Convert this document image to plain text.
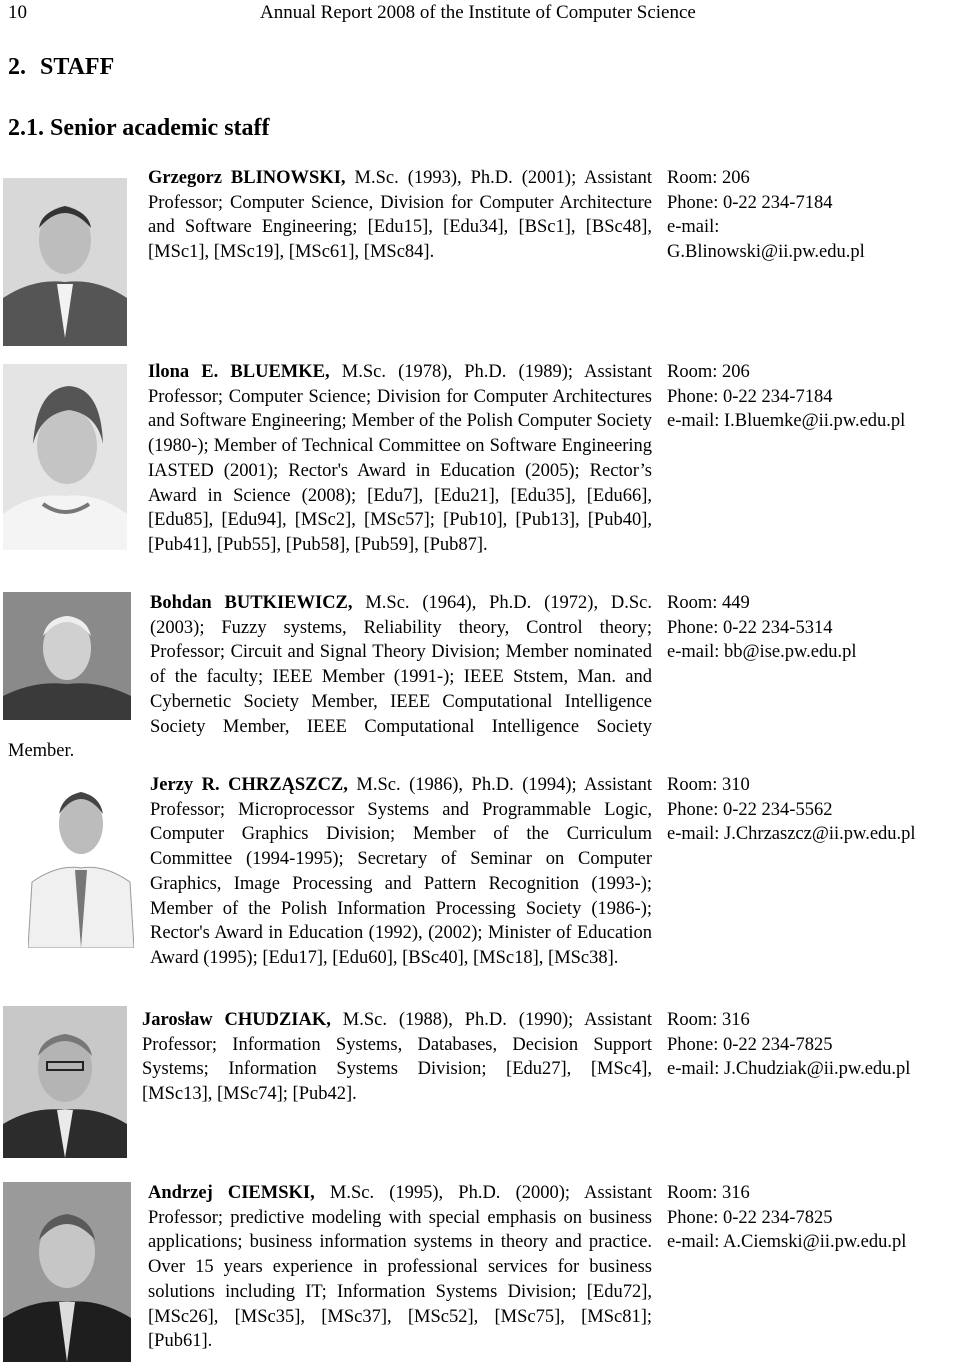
10	Annual Report 2008 of the Institute of Computer Science
2. STAFF
2.1. Senior academic staff

Grzegorz BLINOWSKI, M.Sc. (1993), Ph.D. (2001); Assistant Professor; Computer Science, Division for Computer Architecture and Software Engineering; [Edu15], [Edu34], [BSc1], [BSc48], [MSc1], [MSc19], [MSc61], [MSc84].

Room: 206
Phone: 0-22 234-7184
e-mail:
G.Blinowski@ii.pw.edu.pl

Ilona E. BLUEMKE, M.Sc. (1978), Ph.D. (1989); Assistant Professor; Computer Science; Division for Computer Architectures and Software Engineering; Member of the Polish Computer Society (1980-); Member of Technical Committee on Software Engineering IASTED (2001); Rector's Award in Education (2005); Rector’s Award in Science (2008); [Edu7], [Edu21], [Edu35], [Edu66], [Edu85], [Edu94], [MSc2], [MSc57]; [Pub10], [Pub13], [Pub40], [Pub41], [Pub55], [Pub58], [Pub59], [Pub87].

Room: 206
Phone: 0-22 234-7184
e-mail: I.Bluemke@ii.pw.edu.pl

Bohdan BUTKIEWICZ, M.Sc. (1964), Ph.D. (1972), D.Sc. (2003); Fuzzy systems, Reliability theory, Control theory; Professor; Circuit and Signal Theory Division; Member nominated of the faculty; IEEE Member (1991-); IEEE Ststem, Man. and Cybernetic Society Member, IEEE Computational Intelligence Society Member, IEEE Computational Intelligence Society Member.

Room: 449
Phone: 0-22 234-5314
e-mail: bb@ise.pw.edu.pl

Jerzy R. CHRZĄSZCZ, M.Sc. (1986), Ph.D. (1994); Assistant Professor; Microprocessor Systems and Programmable Logic, Computer Graphics Division; Member of the Curriculum Committee (1994-1995); Secretary of Seminar on Computer Graphics, Image Processing and Pattern Recognition (1993-); Member of the Polish Information Processing Society (1986-); Rector's Award in Education (1992), (2002); Minister of Education Award (1995); [Edu17], [Edu60], [BSc40], [MSc18], [MSc38].

Room: 310
Phone: 0-22 234-5562
e-mail: J.Chrzaszcz@ii.pw.edu.pl

Jarosław CHUDZIAK, M.Sc. (1988), Ph.D. (1990); Assistant Professor; Information Systems, Databases, Decision Support Systems; Information Systems Division; [Edu27], [MSc4], [MSc13], [MSc74]; [Pub42].

Room: 316
Phone: 0-22 234-7825
e-mail: J.Chudziak@ii.pw.edu.pl

Andrzej CIEMSKI, M.Sc. (1995), Ph.D. (2000); Assistant Professor; predictive modeling with special emphasis on business applications; business information systems in theory and practice. Over 15 years experience in professional services for business solutions including IT; Information Systems Division; [Edu72], [MSc26], [MSc35], [MSc37], [MSc52], [MSc75], [MSc81]; [Pub61].

Room: 316
Phone: 0-22 234-7825
e-mail: A.Ciemski@ii.pw.edu.pl
